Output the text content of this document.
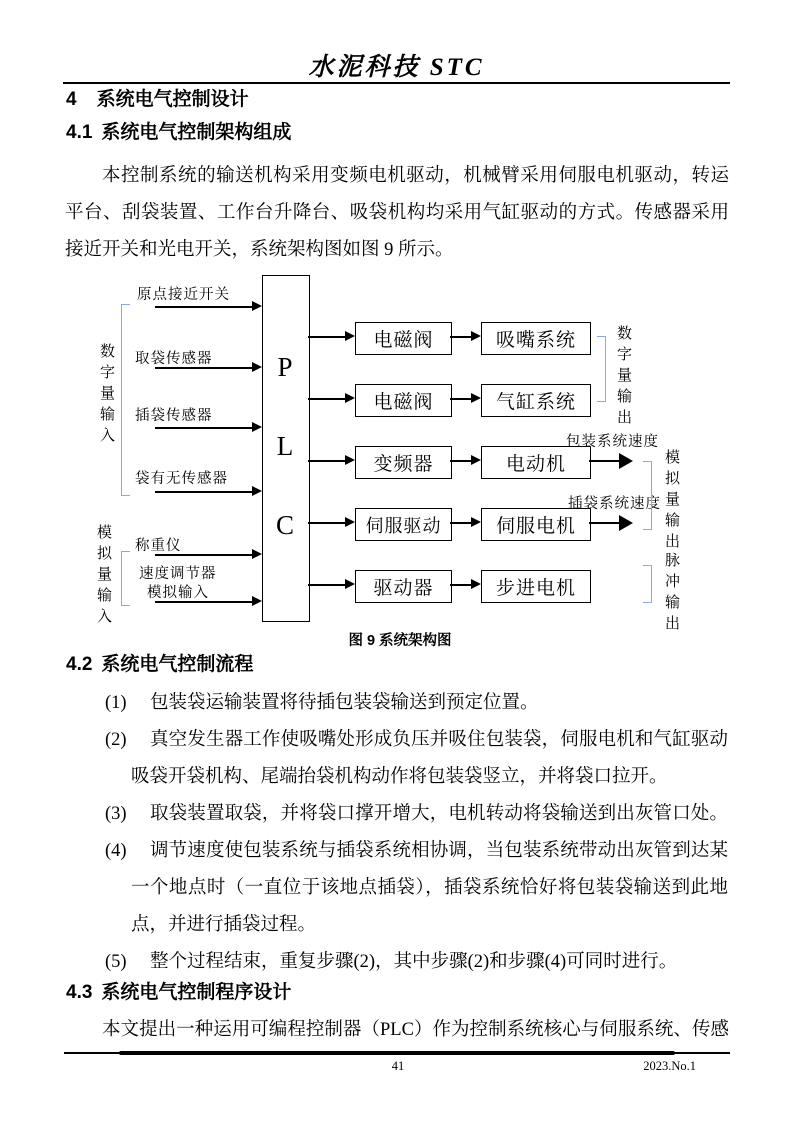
水泥科技 STC
4 系统电气控制设计
4.1 系统电气控制架构组成
本控制系统的输送机构采用变频电机驱动，机械臂采用伺服电机驱动，转运
平台、刮袋装置、工作台升降台、吸袋机构均采用气缸驱动的方式。传感器采用
接近开关和光电开关，系统架构图如图 9 所示。
P
L
C
原点接近开关
取袋传感器
插袋传感器
袋有无传感器
称重仪
速度调节器
模拟输入
数字量输入
模拟量输入
电磁阀	吸嘴系统
电磁阀	气缸系统
变频器	电动机
包装系统速度
伺服驱动	伺服电机
插袋系统速度
驱动器	步进电机
数字量输出
模拟量输出
脉冲输出
图 9 系统架构图
4.2 系统电气控制流程
(1) 包装袋运输装置将待插包装袋输送到预定位置。
(2) 真空发生器工作使吸嘴处形成负压并吸住包装袋，伺服电机和气缸驱动
吸袋开袋机构、尾端抬袋机构动作将包装袋竖立，并将袋口拉开。
(3) 取袋装置取袋，并将袋口撑开增大，电机转动将袋输送到出灰管口处。
(4) 调节速度使包装系统与插袋系统相协调，当包装系统带动出灰管到达某
一个地点时（一直位于该地点插袋），插袋系统恰好将包装袋输送到此地
点，并进行插袋过程。
(5) 整个过程结束，重复步骤(2)，其中步骤(2)和步骤(4)可同时进行。
4.3 系统电气控制程序设计
本文提出一种运用可编程控制器（PLC）作为控制系统核心与伺服系统、传感
41	2023.No.1
